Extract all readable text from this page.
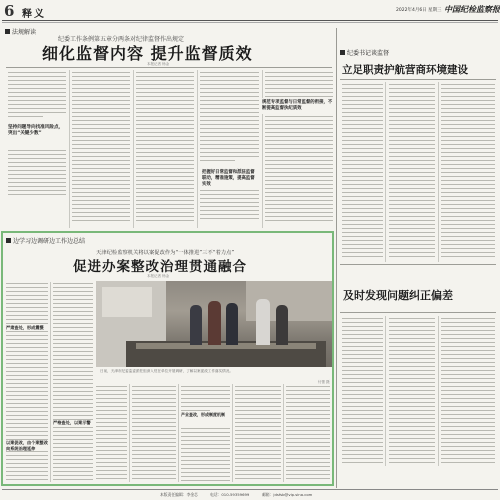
6 释义	2022年4月6日 星期三 中国纪检监察报
法规解读
纪委工作条例第五章分两条对纪律监督作出规定
细化监督内容 提升监督质效
本报记者 杨金
坚持问题导向找准风险点，突出“关键少数”
把握好日常监督和派驻监督联动，精准施策，提高监督实效
规范专项监督与日常监督的衔接，不断提高监督执纪质效
纪委书记谈监督
立足职责护航营商环境建设
及时发现问题纠正偏差
边学习边调研边工作边总结
天津纪检监察机关将以案促改作为“一体推进”三不“着力点”
促进办案整改治理贯通融合
本报记者 杨金
日前，天津市纪委监委派驻组深入驻在单位开展调研，了解以案促改工作落实情况。
付蕾 摄
以案促改，由个案整改向系统治理延伸
严肃查处，形成震慑
产业查改，形成制度机制
严格查处，以案示警
本版责任编辑：李金芯	电话：010-59359699	邮箱：jdsfsb@vip.sina.com
